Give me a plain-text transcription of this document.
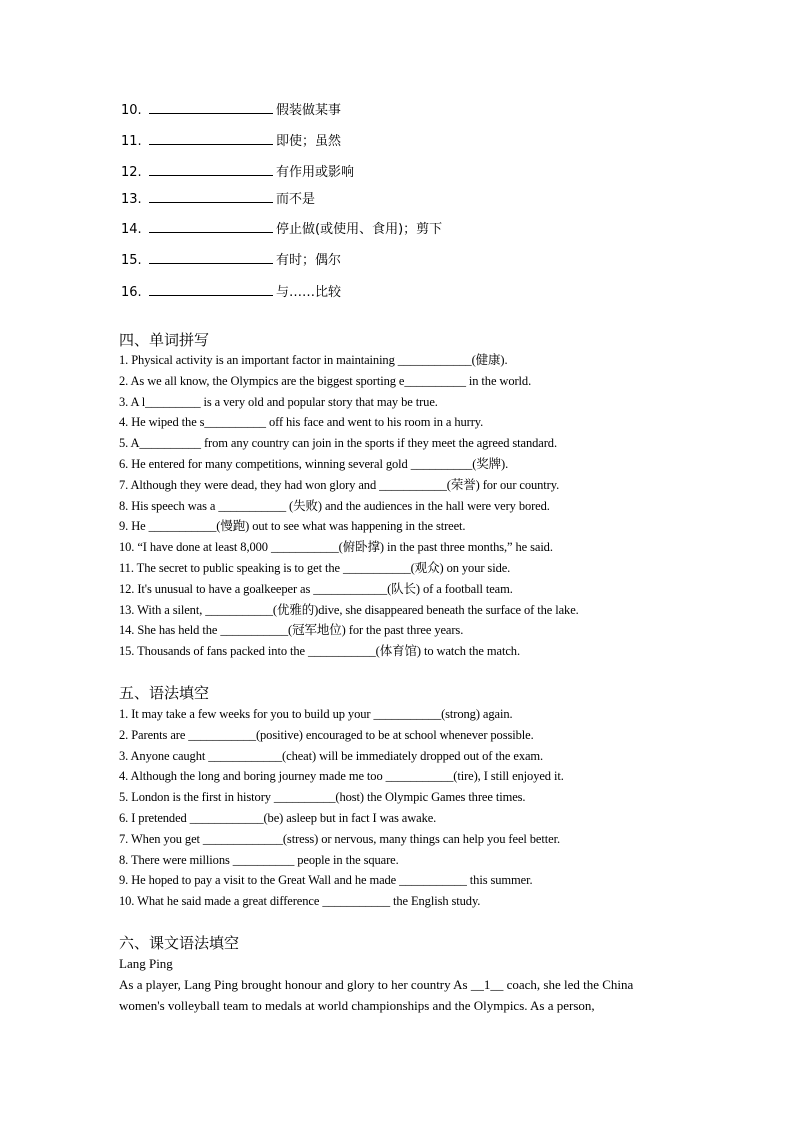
10.	假装做某事
11.	即使；虽然
12.	有作用或影响
13.	而不是
14.	停止做(或使用、食用)；剪下
15.	有时；偶尔
16.	与……比较
四、单词拼写
1. Physical activity is an important factor in maintaining ____________(健康).
2. As we all know, the Olympics are the biggest sporting e__________ in the world.
3. A l_________ is a very old and popular story that may be true.
4. He wiped the s__________ off his face and went to his room in a hurry.
5. A__________ from any country can join in the sports if they meet the agreed standard.
6. He entered for many competitions, winning several gold __________(奖牌).
7. Although they were dead, they had won glory and ___________(荣誉) for our country.
8. His speech was a ___________ (失败) and the audiences in the hall were very bored.
9. He ___________(慢跑) out to see what was happening in the street.
10. “I have done at least 8,000 ___________(俯卧撑) in the past three months,” he said.
11. The secret to public speaking is to get the ___________(观众) on your side.
12. It's unusual to have a goalkeeper as ____________(队长) of a football team.
13. With a silent, ___________(优雅的)dive, she disappeared beneath the surface of the lake.
14. She has held the ___________(冠军地位) for the past three years.
15. Thousands of fans packed into the ___________(体育馆) to watch the match.
五、语法填空
1. It may take a few weeks for you to build up your ___________(strong) again.
2. Parents are ___________(positive) encouraged to be at school whenever possible.
3. Anyone caught ____________(cheat) will be immediately dropped out of the exam.
4. Although the long and boring journey made me too ___________(tire), I still enjoyed it.
5. London is the first in history __________(host) the Olympic Games three times.
6. I pretended ____________(be) asleep but in fact I was awake.
7. When you get _____________(stress) or nervous, many things can help you feel better.
8. There were millions __________ people in the square.
9. He hoped to pay a visit to the Great Wall and he made ___________ this summer.
10. What he said made a great difference ___________ the English study.
六、课文语法填空
Lang Ping
As a player, Lang Ping brought honour and glory to her country As __1__ coach, she led the China women's volleyball team to medals at world championships and the Olympics. As a person,
